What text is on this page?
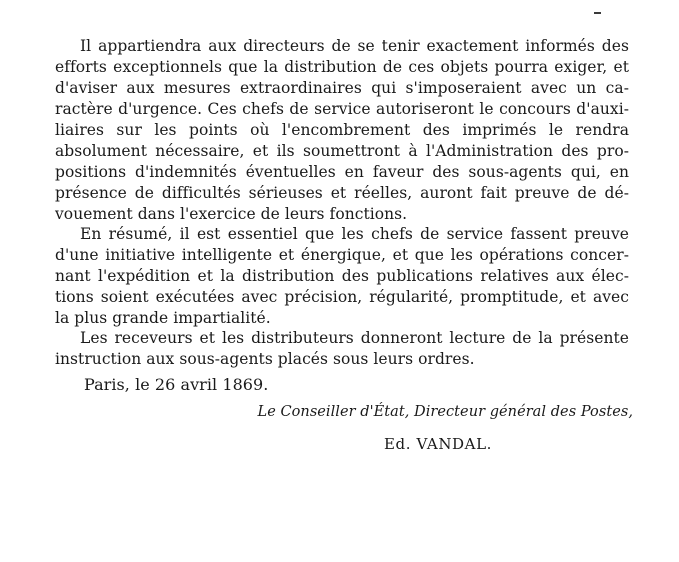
Il appartiendra aux directeurs de se tenir exactement informés des
efforts exceptionnels que la distribution de ces objets pourra exiger, et
d'aviser aux mesures extraordinaires qui s'imposeraient avec un ca-
ractère d'urgence. Ces chefs de service autoriseront le concours d'auxi-
liaires sur les points où l'encombrement des imprimés le rendra
absolument nécessaire, et ils soumettront à l'Administration des pro-
positions d'indemnités éventuelles en faveur des sous-agents qui, en
présence de difficultés sérieuses et réelles, auront fait preuve de dé-
vouement dans l'exercice de leurs fonctions.
En résumé, il est essentiel que les chefs de service fassent preuve
d'une initiative intelligente et énergique, et que les opérations concer-
nant l'expédition et la distribution des publications relatives aux élec-
tions soient exécutées avec précision, régularité, promptitude, et avec
la plus grande impartialité.
Les receveurs et les distributeurs donneront lecture de la présente
instruction aux sous-agents placés sous leurs ordres.
Paris, le 26 avril 1869.
Le Conseiller d'État, Directeur général des Postes,
Ed. VANDAL.
